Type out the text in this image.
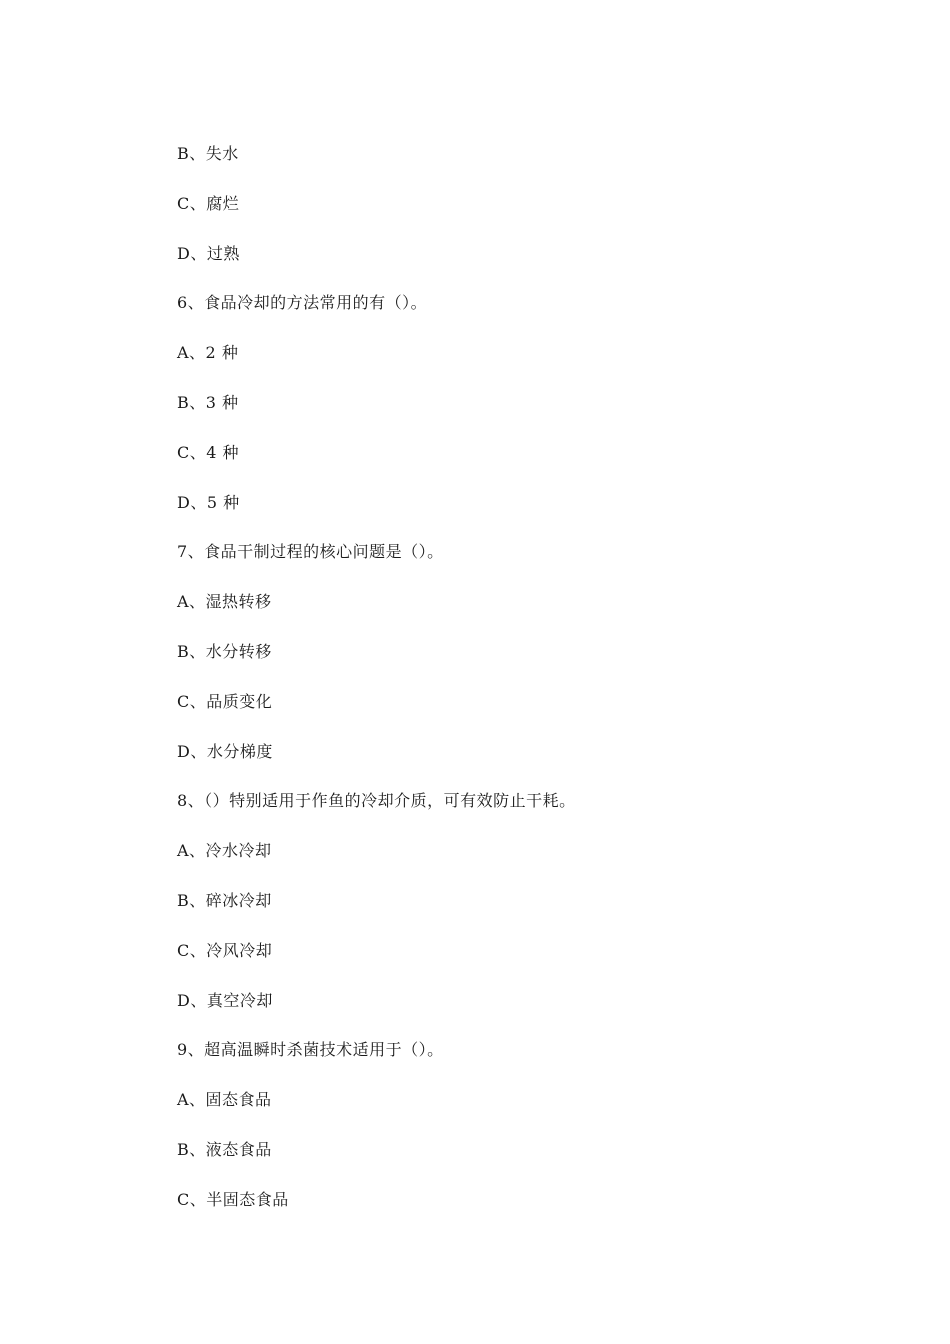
B、失水
C、腐烂
D、过熟
6、食品冷却的方法常用的有（）。
A、2 种
B、3 种
C、4 种
D、5 种
7、食品干制过程的核心问题是（）。
A、湿热转移
B、水分转移
C、品质变化
D、水分梯度
8、（）特别适用于作鱼的冷却介质，可有效防止干耗。
A、冷水冷却
B、碎冰冷却
C、冷风冷却
D、真空冷却
9、超高温瞬时杀菌技术适用于（）。
A、固态食品
B、液态食品
C、半固态食品
